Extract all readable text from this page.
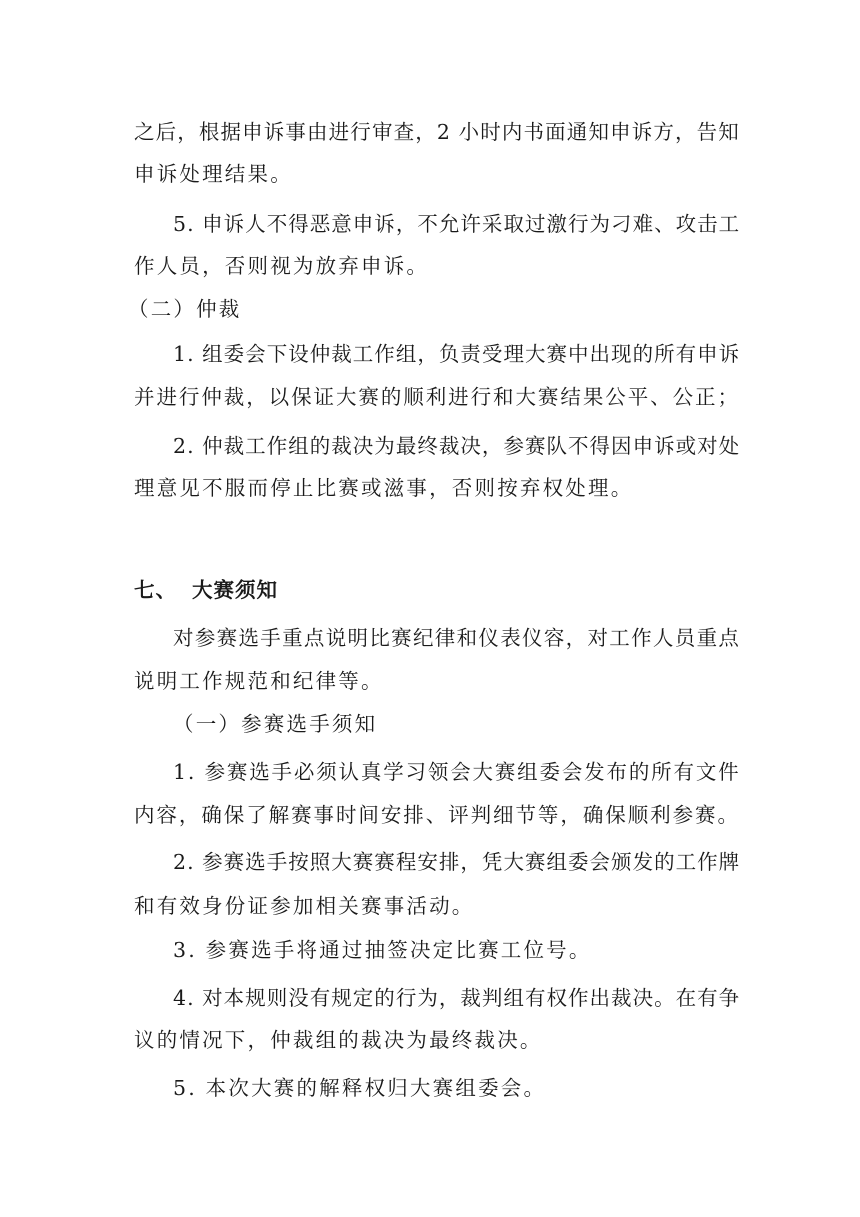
之后，根据申诉事由进行审查，2 小时内书面通知申诉方，告知
申诉处理结果。
5. 申诉人不得恶意申诉，不允许采取过激行为刁难、攻击工
作人员，否则视为放弃申诉。
（二）仲裁
1. 组委会下设仲裁工作组，负责受理大赛中出现的所有申诉
并进行仲裁，以保证大赛的顺利进行和大赛结果公平、公正；
2. 仲裁工作组的裁决为最终裁决，参赛队不得因申诉或对处
理意见不服而停止比赛或滋事，否则按弃权处理。
七、 大赛须知
对参赛选手重点说明比赛纪律和仪表仪容，对工作人员重点
说明工作规范和纪律等。
（一）参赛选手须知
1. 参赛选手必须认真学习领会大赛组委会发布的所有文件
内容，确保了解赛事时间安排、评判细节等，确保顺利参赛。
2. 参赛选手按照大赛赛程安排，凭大赛组委会颁发的工作牌
和有效身份证参加相关赛事活动。
3. 参赛选手将通过抽签决定比赛工位号。
4. 对本规则没有规定的行为，裁判组有权作出裁决。在有争
议的情况下，仲裁组的裁决为最终裁决。
5. 本次大赛的解释权归大赛组委会。
